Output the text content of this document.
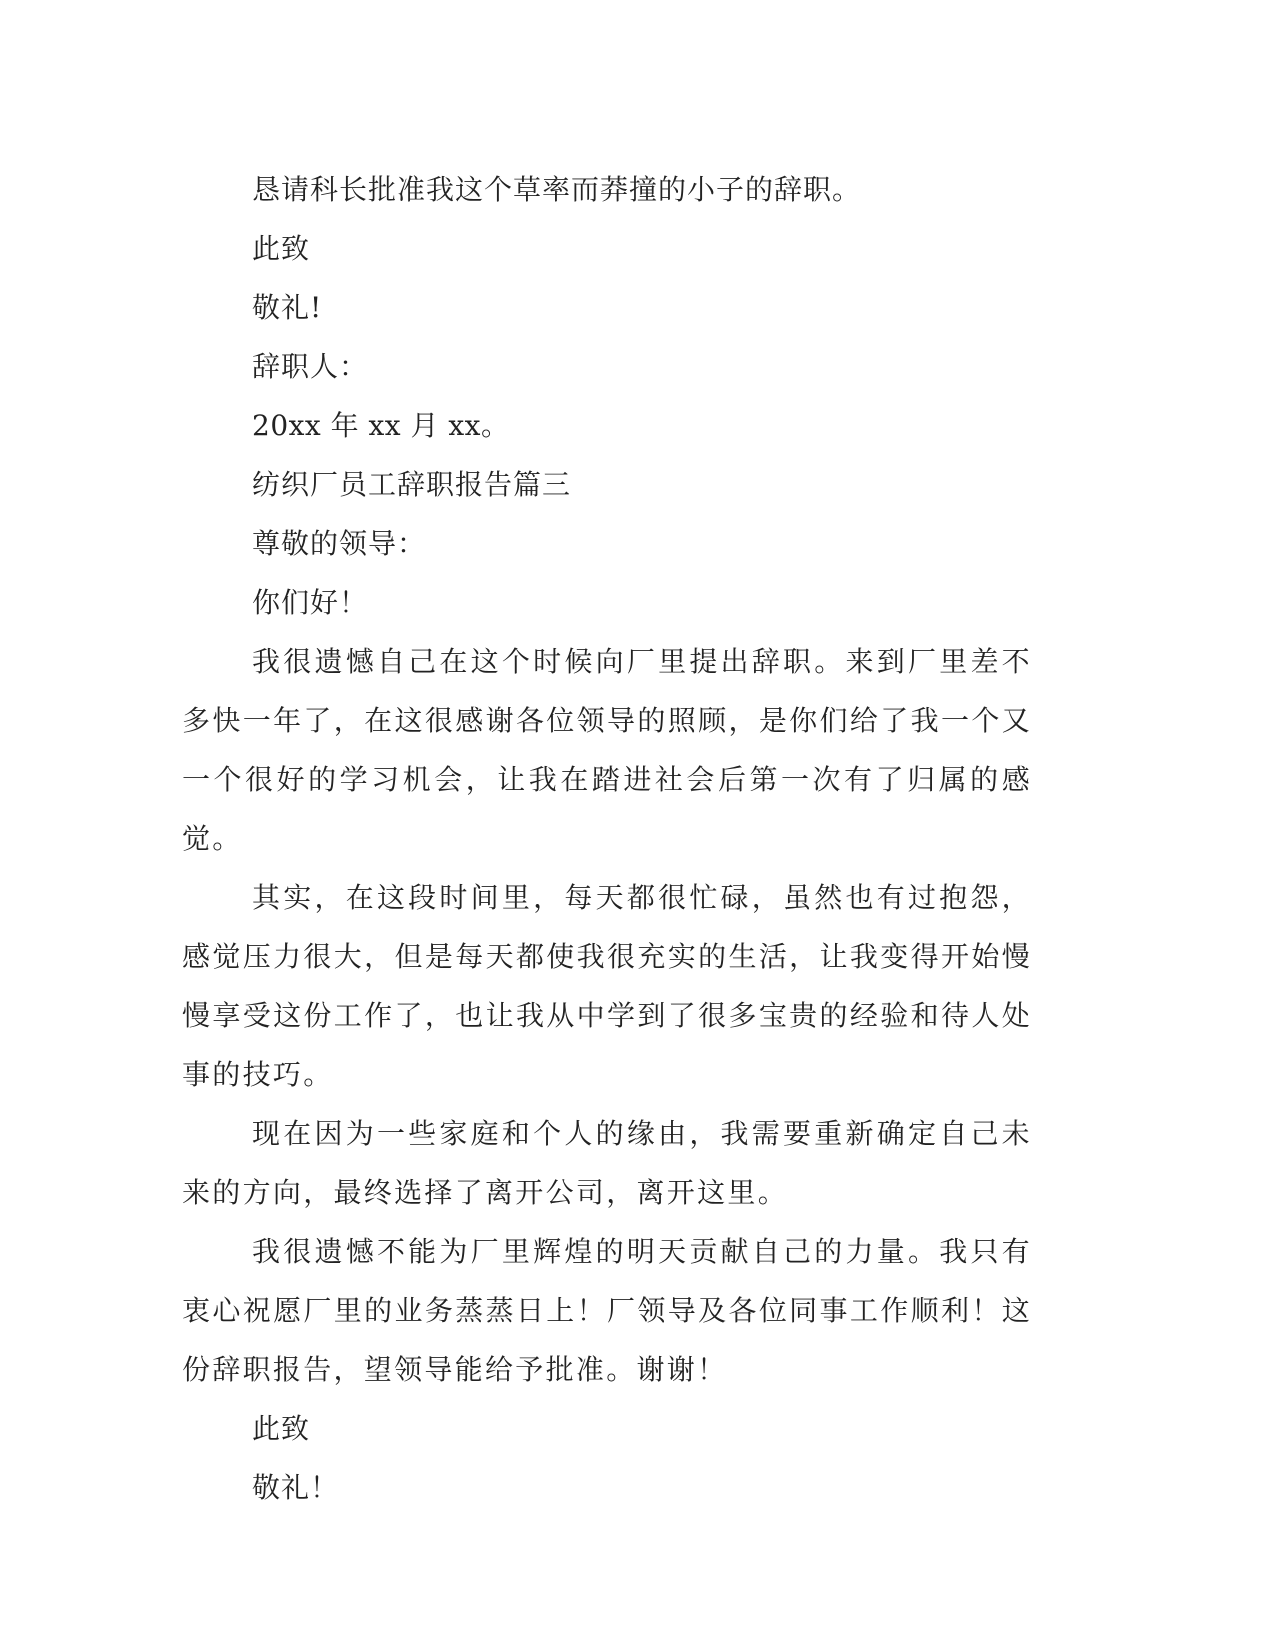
恳请科长批准我这个草率而莽撞的小子的辞职。
此致
敬礼!
辞职人：
20xx 年 xx 月 xx。
纺织厂员工辞职报告篇三
尊敬的领导：
你们好！

我很遗憾自己在这个时候向厂里提出辞职。来到厂里差不多快一年了，在这很感谢各位领导的照顾，是你们给了我一个又一个很好的学习机会，让我在踏进社会后第一次有了归属的感觉。

其实，在这段时间里，每天都很忙碌，虽然也有过抱怨，感觉压力很大，但是每天都使我很充实的生活，让我变得开始慢慢享受这份工作了，也让我从中学到了很多宝贵的经验和待人处事的技巧。

现在因为一些家庭和个人的缘由，我需要重新确定自己未来的方向，最终选择了离开公司，离开这里。

我很遗憾不能为厂里辉煌的明天贡献自己的力量。我只有衷心祝愿厂里的业务蒸蒸日上！厂领导及各位同事工作顺利！这份辞职报告，望领导能给予批准。谢谢！

此致
敬礼！
